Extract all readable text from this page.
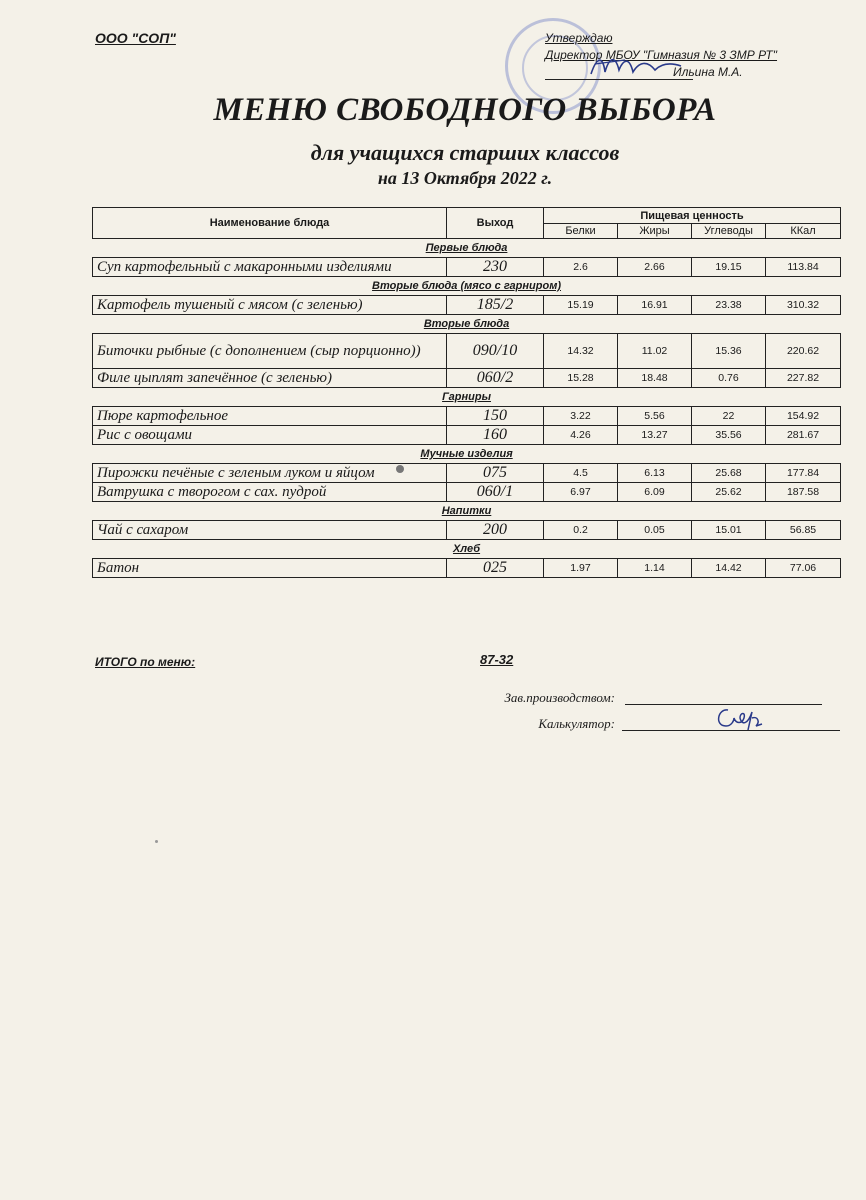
ООО "СОП"	Утверждаю
Директор МБОУ "Гимназия № 3 ЗМР РТ"
Ильина М.А.
МЕНЮ СВОБОДНОГО ВЫБОРА
для учащихся старших классов
на 13 Октября 2022 г.
Наименование блюда	Выход	Пищевая ценность			
		Белки	Жиры	Углеводы	ККал
Первые блюда					
Суп картофельный с макаронными изделиями	230	2.6	2.66	19.15	113.84
Вторые блюда (мясо с гарниром)					
Картофель тушеный с мясом (с зеленью)	185/2	15.19	16.91	23.38	310.32
Вторые блюда					
Биточки рыбные (с дополнением (сыр порционно))	090/10	14.32	11.02	15.36	220.62
Филе цыплят запечённое (с зеленью)	060/2	15.28	18.48	0.76	227.82
Гарниры					
Пюре картофельное	150	3.22	5.56	22	154.92
Рис с овощами	160	4.26	13.27	35.56	281.67
Мучные изделия					
Пирожки печёные с зеленым луком и яйцом	075	4.5	6.13	25.68	177.84
Ватрушка с творогом с сах. пудрой	060/1	6.97	6.09	25.62	187.58
Напитки					
Чай с сахаром	200	0.2	0.05	15.01	56.85
Хлеб					
Батон	025	1.97	1.14	14.42	77.06
ИТОГО по меню:	87-32
Зав.производством:
Калькулятор:
